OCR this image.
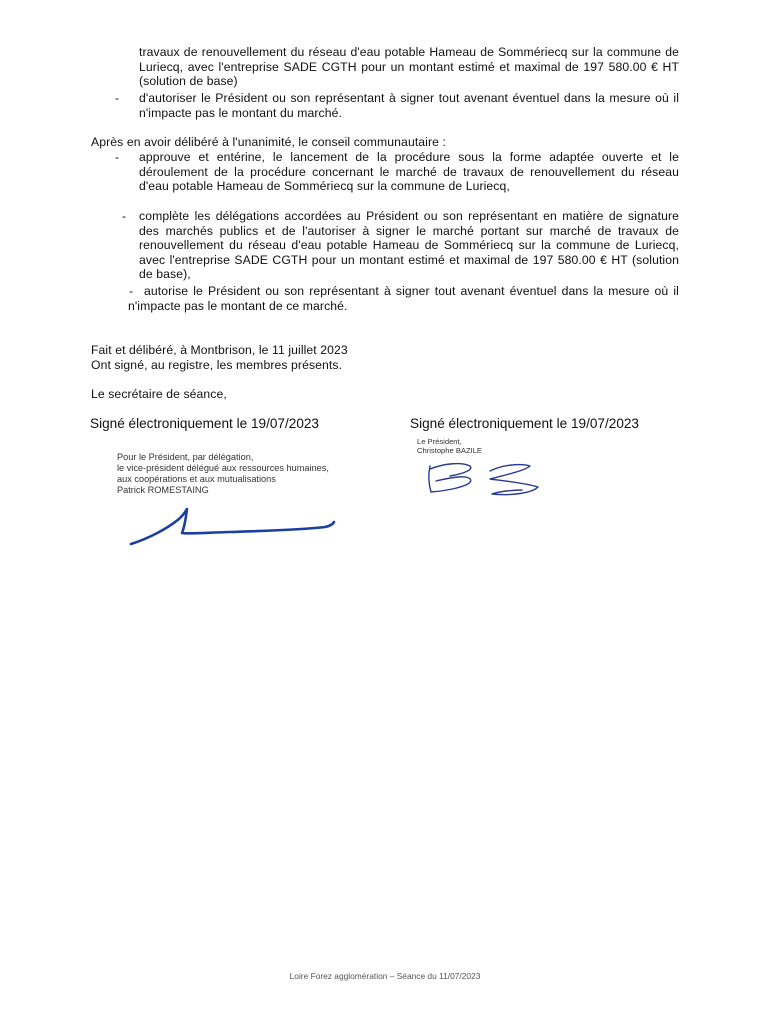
travaux de renouvellement du réseau d'eau potable Hameau de Sommériecq sur la commune de Luriecq, avec l'entreprise SADE CGTH pour un montant estimé et maximal de 197 580.00 € HT (solution de base)
- d'autoriser le Président ou son représentant à signer tout avenant éventuel dans la mesure où il n'impacte pas le montant du marché.
Après en avoir délibéré à l'unanimité, le conseil communautaire :
- approuve et entérine, le lancement de la procédure sous la forme adaptée ouverte et le déroulement de la procédure concernant le marché de travaux de renouvellement du réseau d'eau potable Hameau de Sommériecq sur la commune de Luriecq,
- complète les délégations accordées au Président ou son représentant en matière de signature des marchés publics et de l'autoriser à signer le marché portant sur marché de travaux de renouvellement du réseau d'eau potable Hameau de Sommériecq sur la commune de Luriecq, avec l'entreprise SADE CGTH pour un montant estimé et maximal de 197 580.00 € HT (solution de base),
- autorise le Président ou son représentant à signer tout avenant éventuel dans la mesure où il n'impacte pas le montant de ce marché.
Fait et délibéré, à Montbrison, le 11 juillet 2023
Ont signé, au registre, les membres présents.
Le secrétaire de séance,
Signé électroniquement le 19/07/2023
Pour le Président, par délégation,
le vice-président délégué aux ressources humaines,
aux coopérations et aux mutualisations
Patrick ROMESTAING
Signé électroniquement le 19/07/2023
Le Président,
Christophe BAZILE
Loire Forez agglomération – Séance du 11/07/2023
